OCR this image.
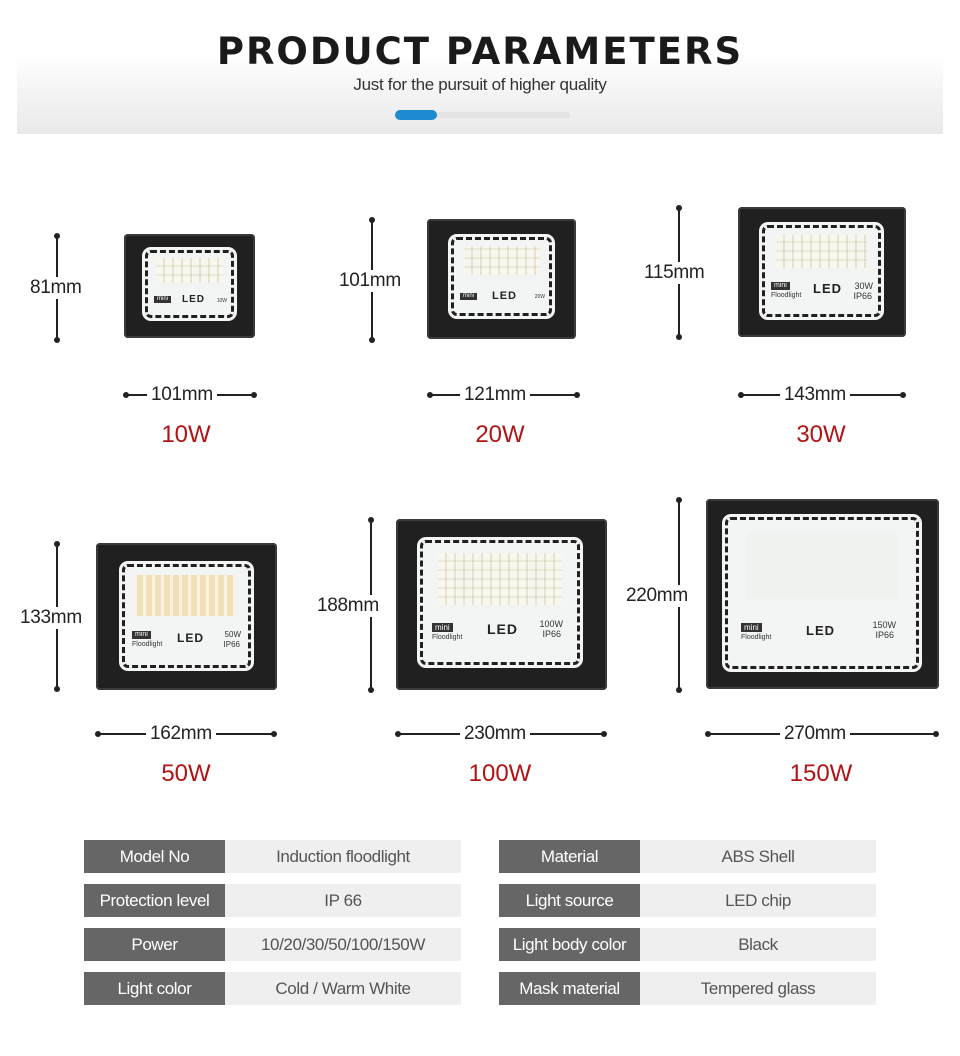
PRODUCT PARAMETERS
Just for the pursuit of higher quality
81mm
mini	LED 10W
101mm
10W
101mm
mini LED	20W
121mm
20W
115mm
mini
Floodlight LED 30W
IP66
143mm
30W
133mm
mini
Floodlight LED	50W
IP66
162mm
50W
188mm
mini
Floodlight
LED 100W
IP66
230mm
100W
220mm
mini
Floodlight	LED	150W
IP66
270mm
150W
Model No	Induction floodlight
Protection level	IP 66
Power	10/20/30/50/100/150W
Light color	Cold / Warm White
Material	ABS Shell
Light source	LED chip
Light body color	Black
Mask material	Tempered glass
